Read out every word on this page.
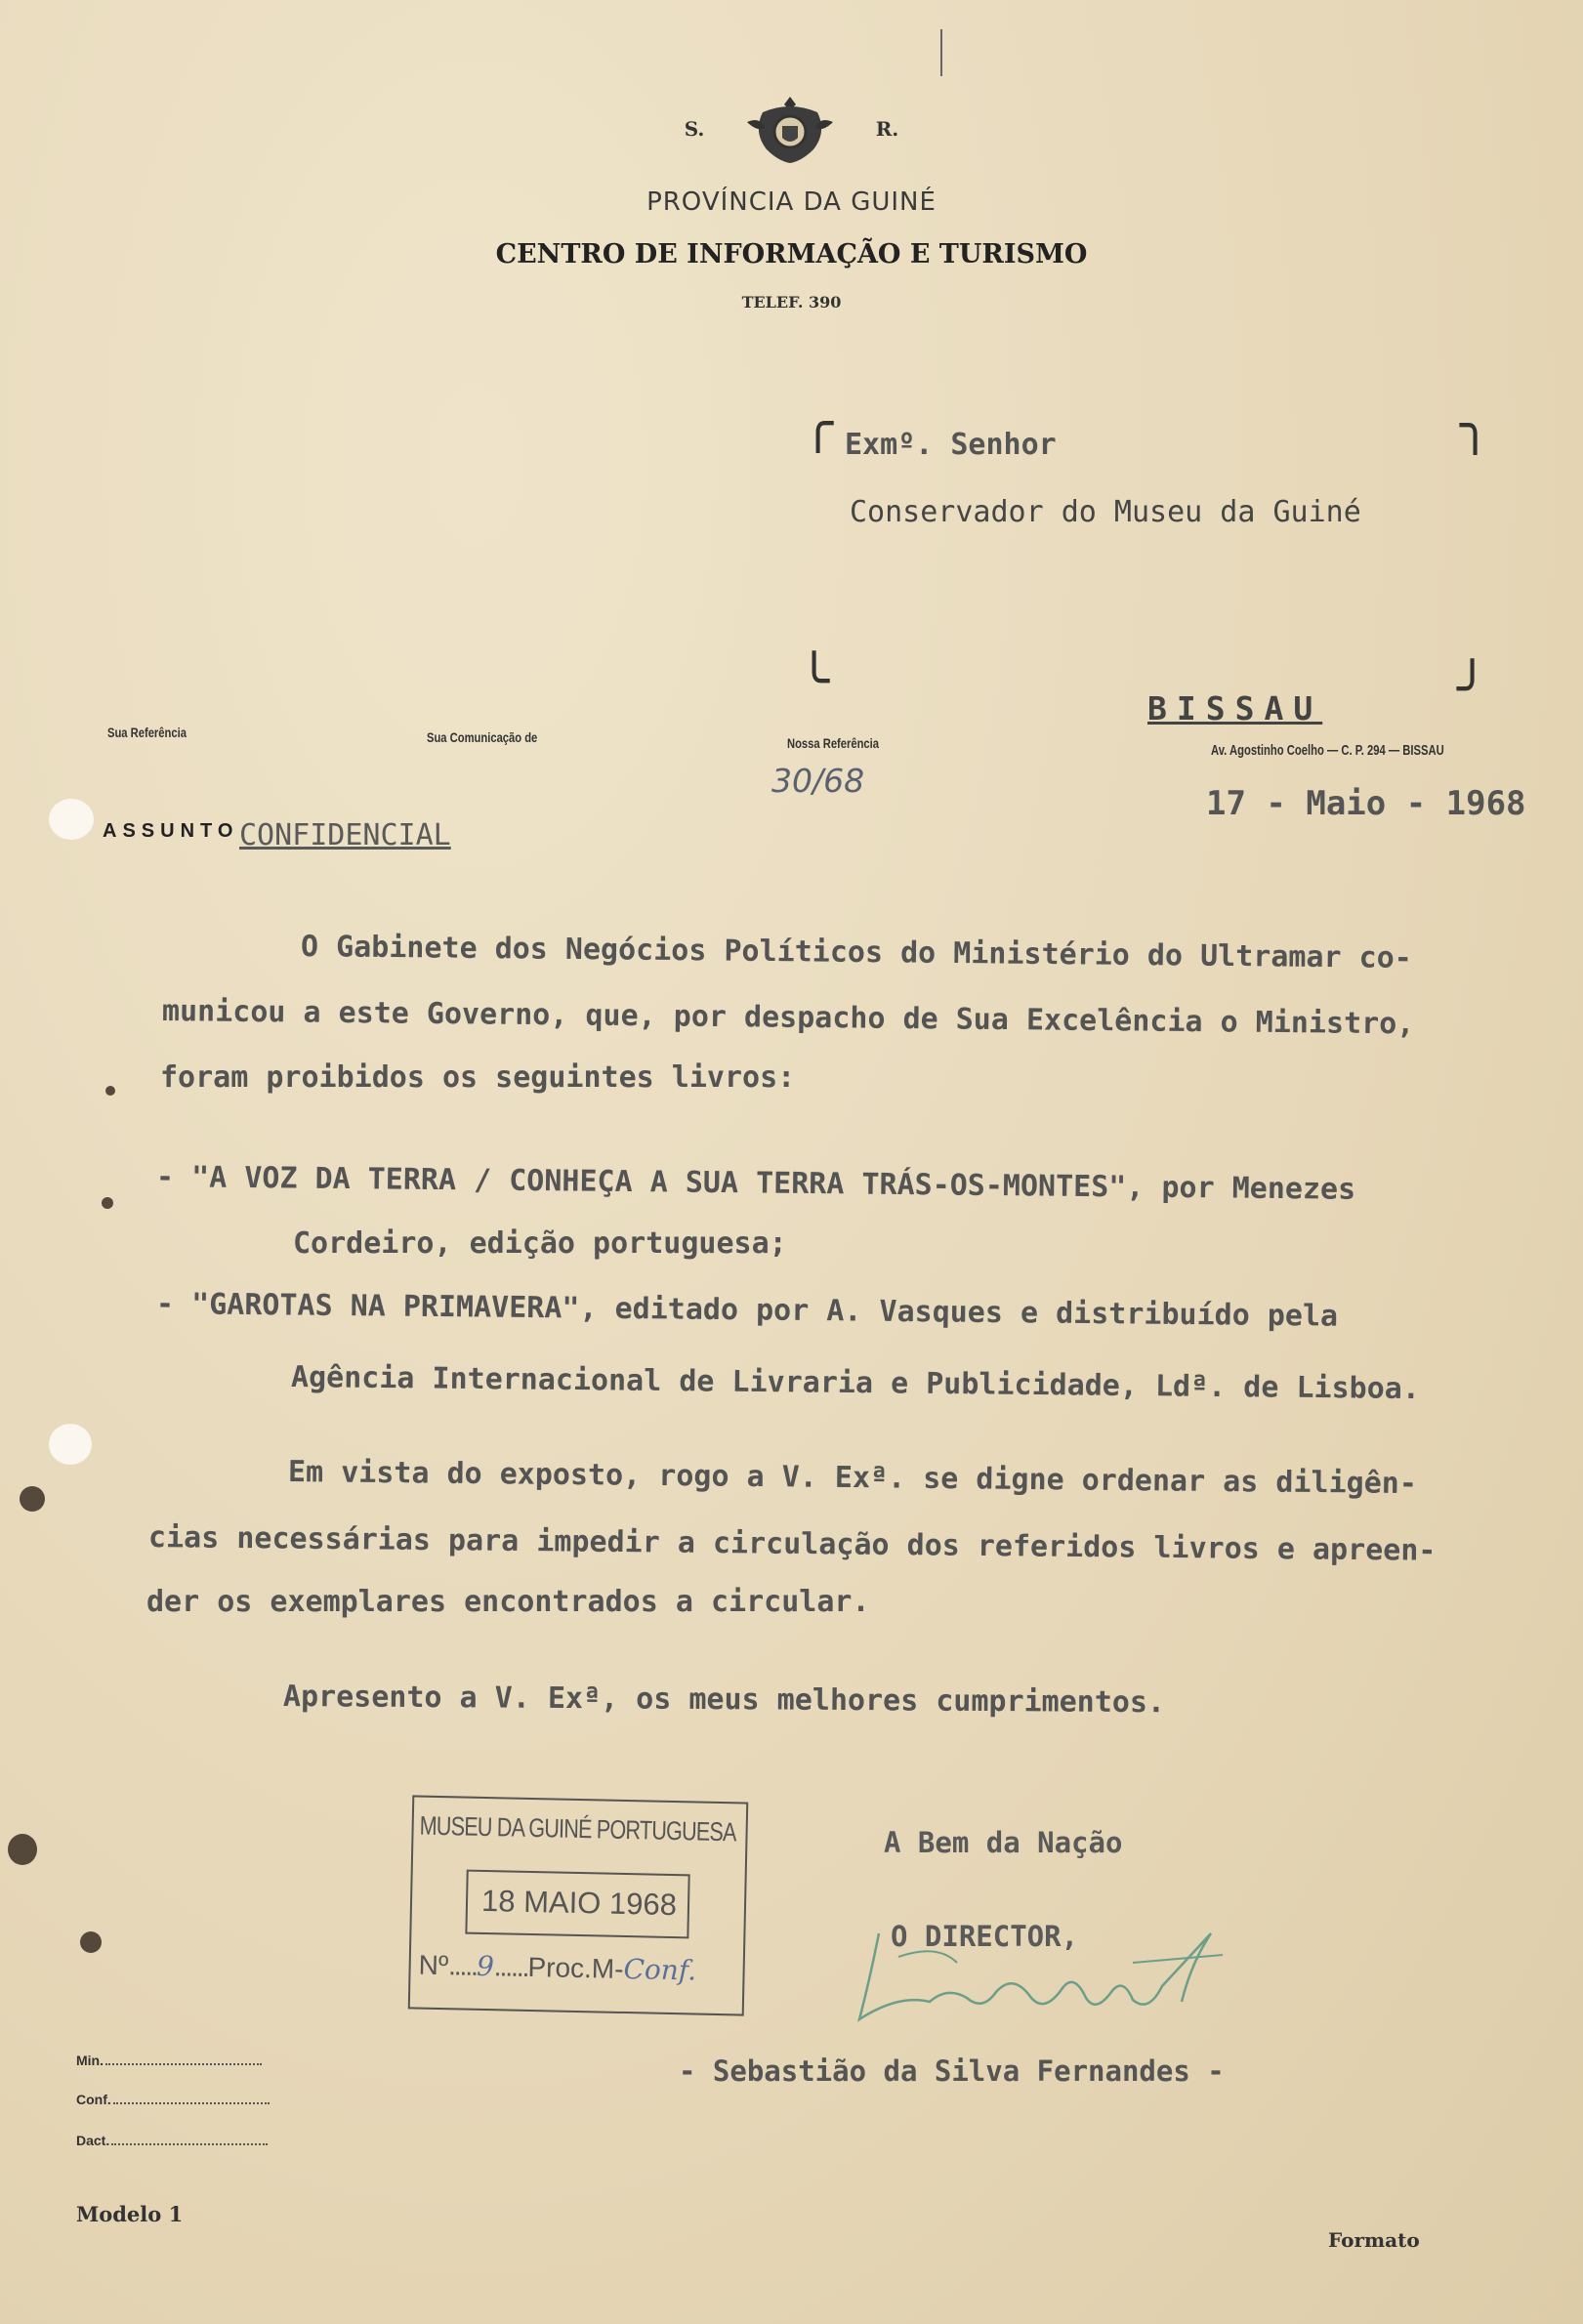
S.	R.
PROVÍNCIA DA GUINÉ
CENTRO DE INFORMAÇÃO E TURISMO
TELEF. 390
╭	╮
╰	╯
Exmº. Senhor
Conservador do Museu da Guiné
Sua Referência	Sua Comunicação de	Nossa Referência
30/68
BISSAU
Av. Agostinho Coelho — C. P. 294 — BISSAU
17 - Maio - 1968
ASSUNTO CONFIDENCIAL
O Gabinete dos Negócios Políticos do Ministério do Ultramar co-
municou a este Governo, que, por despacho de Sua Excelência o Ministro,
foram proibidos os seguintes livros:
- "A VOZ DA TERRA / CONHEÇA A SUA TERRA TRÁS-OS-MONTES", por Menezes
Cordeiro, edição portuguesa;
- "GAROTAS NA PRIMAVERA", editado por A. Vasques e distribuído pela
Agência Internacional de Livraria e Publicidade, Ldª. de Lisboa.
Em vista do exposto, rogo a V. Exª. se digne ordenar as diligên-
cias necessárias para impedir a circulação dos referidos livros e apreen-
der os exemplares encontrados a circular.
Apresento a V. Exª, os meus melhores cumprimentos.
MUSEU DA GUINÉ PORTUGUESA
18 MAIO 1968
Nº.....9......Proc.M-Conf.
A Bem da Nação
O DIRECTOR,
- Sebastião da Silva Fernandes -
Min.
Conf.
Dact.
Modelo 1
Formato
